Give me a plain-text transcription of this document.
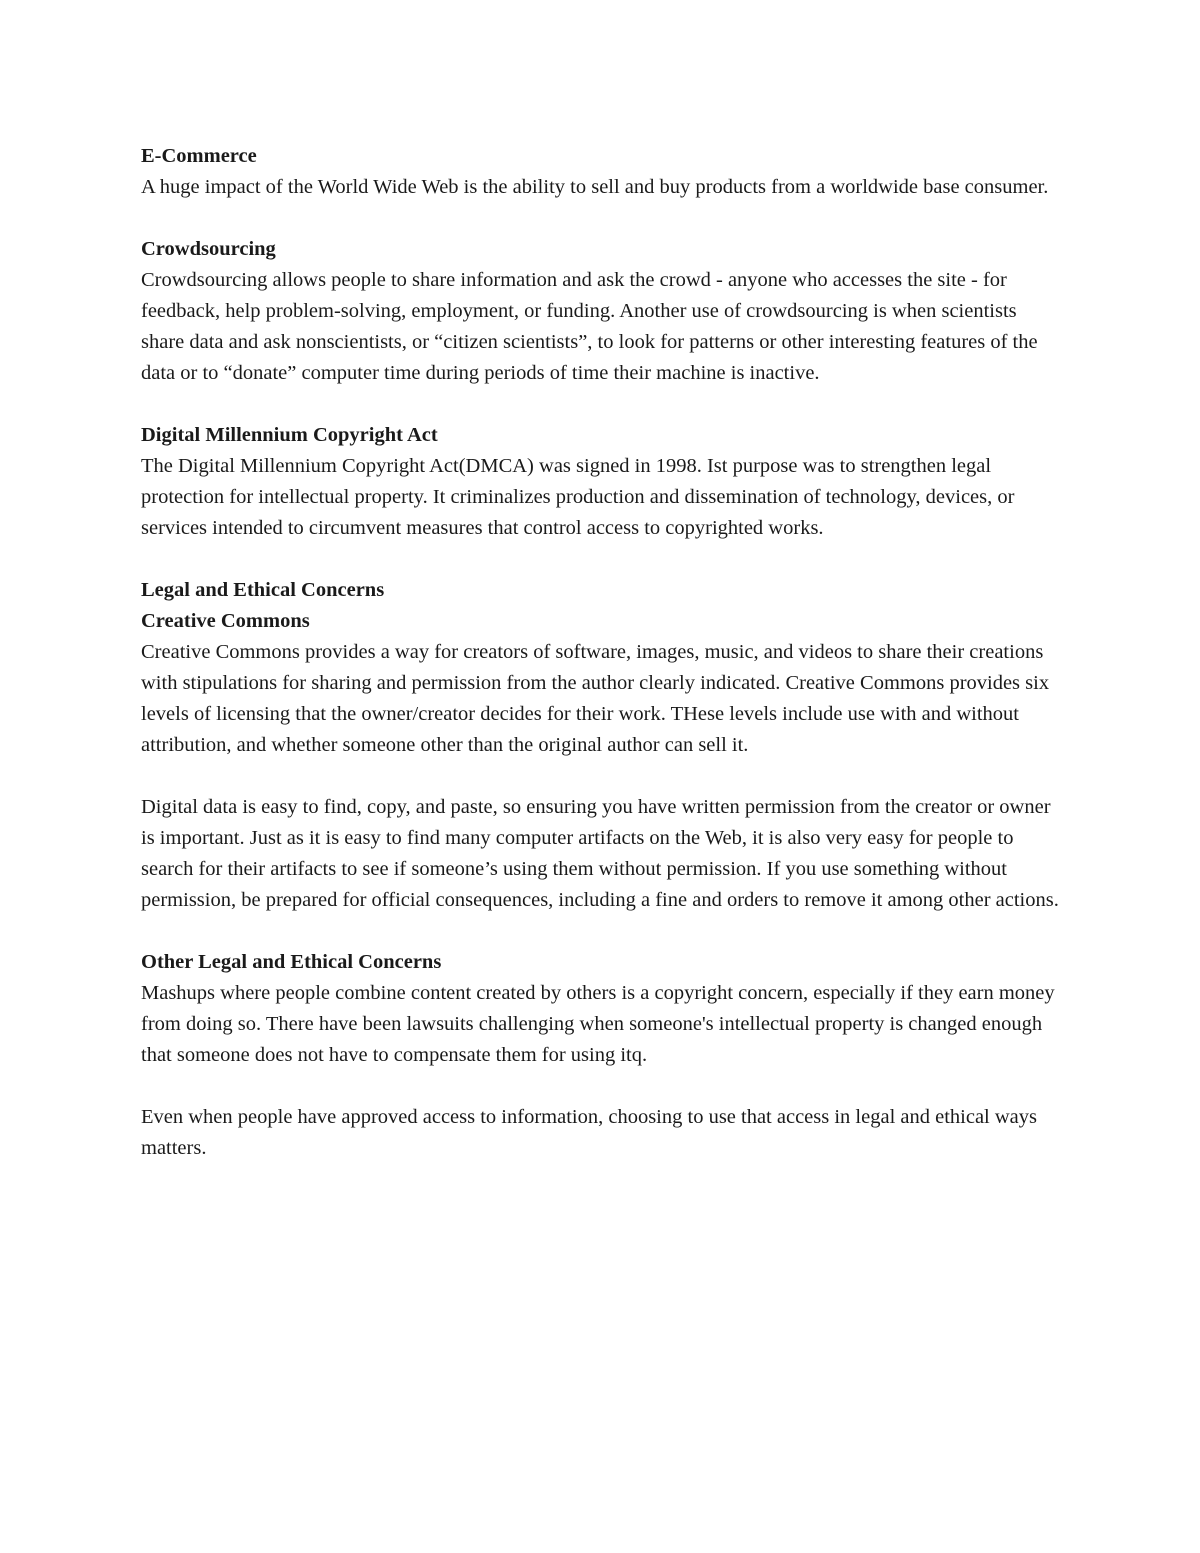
E-Commerce
A huge impact of the World Wide Web is the ability to sell and buy products from a worldwide base consumer.
Crowdsourcing
Crowdsourcing allows people to share information and ask the crowd - anyone who accesses the site - for feedback, help problem-solving, employment, or funding. Another use of crowdsourcing is when scientists share data and ask nonscientists, or “citizen scientists”, to look for patterns or other interesting features of the data or to “donate” computer time during periods of time their machine is inactive.
Digital Millennium Copyright Act
The Digital Millennium Copyright Act(DMCA) was signed in 1998. Ist purpose was to strengthen legal protection for intellectual property. It criminalizes production and dissemination of technology, devices, or services intended to circumvent measures that control access to copyrighted works.
Legal and Ethical Concerns
Creative Commons
Creative Commons provides a way for creators of software, images, music, and videos to share their creations with stipulations for sharing and permission from the author clearly indicated. Creative Commons provides six levels of licensing that the owner/creator decides for their work. THese levels include use with and without attribution, and whether someone other than the original author can sell it.
Digital data is easy to find, copy, and paste, so ensuring you have written permission from the creator or owner is important. Just as it is easy to find many computer artifacts on the Web, it is also very easy for people to search for their artifacts to see if someone’s using them without permission. If you use something without permission, be prepared for official consequences, including a fine and orders to remove it among other actions.
Other Legal and Ethical Concerns
Mashups where people combine content created by others is a copyright concern, especially if they earn money from doing so. There have been lawsuits challenging when someone's intellectual property is changed enough that someone does not have to compensate them for using itq.
Even when people have approved access to information, choosing to use that access in legal and ethical ways matters.
